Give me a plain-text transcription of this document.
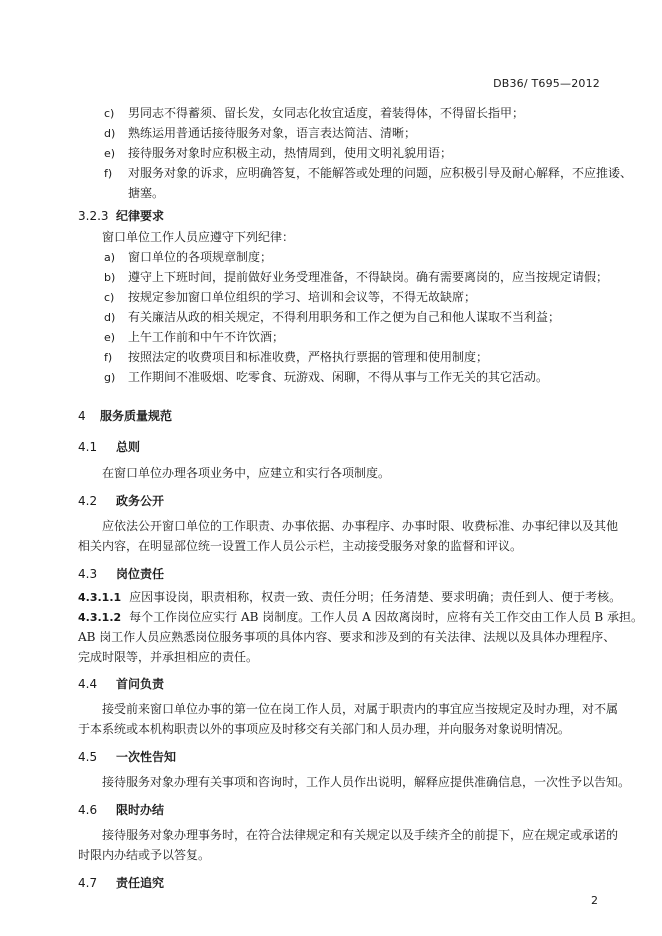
DB36/ T695—2012
c) 男同志不得蓄须、留长发，女同志化妆宜适度，着装得体，不得留长指甲；
d) 熟练运用普通话接待服务对象，语言表达简洁、清晰；
e) 接待服务对象时应积极主动，热情周到，使用文明礼貌用语；
f) 对服务对象的诉求，应明确答复，不能解答或处理的问题，应积极引导及耐心解释，不应推诿、
搪塞。
3.2.3 纪律要求
窗口单位工作人员应遵守下列纪律：
a) 窗口单位的各项规章制度；
b) 遵守上下班时间，提前做好业务受理准备，不得缺岗。确有需要离岗的，应当按规定请假；
c) 按规定参加窗口单位组织的学习、培训和会议等，不得无故缺席；
d) 有关廉洁从政的相关规定，不得利用职务和工作之便为自己和他人谋取不当利益；
e) 上午工作前和中午不许饮酒；
f) 按照法定的收费项目和标准收费，严格执行票据的管理和使用制度；
g) 工作期间不准吸烟、吃零食、玩游戏、闲聊，不得从事与工作无关的其它活动。
4 服务质量规范
4.1 总则
在窗口单位办理各项业务中，应建立和实行各项制度。
4.2 政务公开
应依法公开窗口单位的工作职责、办事依据、办事程序、办事时限、收费标准、办事纪律以及其他
相关内容，在明显部位统一设置工作人员公示栏，主动接受服务对象的监督和评议。
4.3 岗位责任
4.3.1.1 应因事设岗，职责相称，权责一致、责任分明；任务清楚、要求明确；责任到人、便于考核。
4.3.1.2 每个工作岗位应实行 AB 岗制度。工作人员 A 因故离岗时，应将有关工作交由工作人员 B 承担。
AB 岗工作人员应熟悉岗位服务事项的具体内容、要求和涉及到的有关法律、法规以及具体办理程序、
完成时限等，并承担相应的责任。
4.4 首问负责
接受前来窗口单位办事的第一位在岗工作人员，对属于职责内的事宜应当按规定及时办理，对不属
于本系统或本机构职责以外的事项应及时移交有关部门和人员办理，并向服务对象说明情况。
4.5 一次性告知
接待服务对象办理有关事项和咨询时，工作人员作出说明，解释应提供准确信息，一次性予以告知。
4.6 限时办结
接待服务对象办理事务时，在符合法律规定和有关规定以及手续齐全的前提下，应在规定或承诺的
时限内办结或予以答复。
4.7 责任追究
2
